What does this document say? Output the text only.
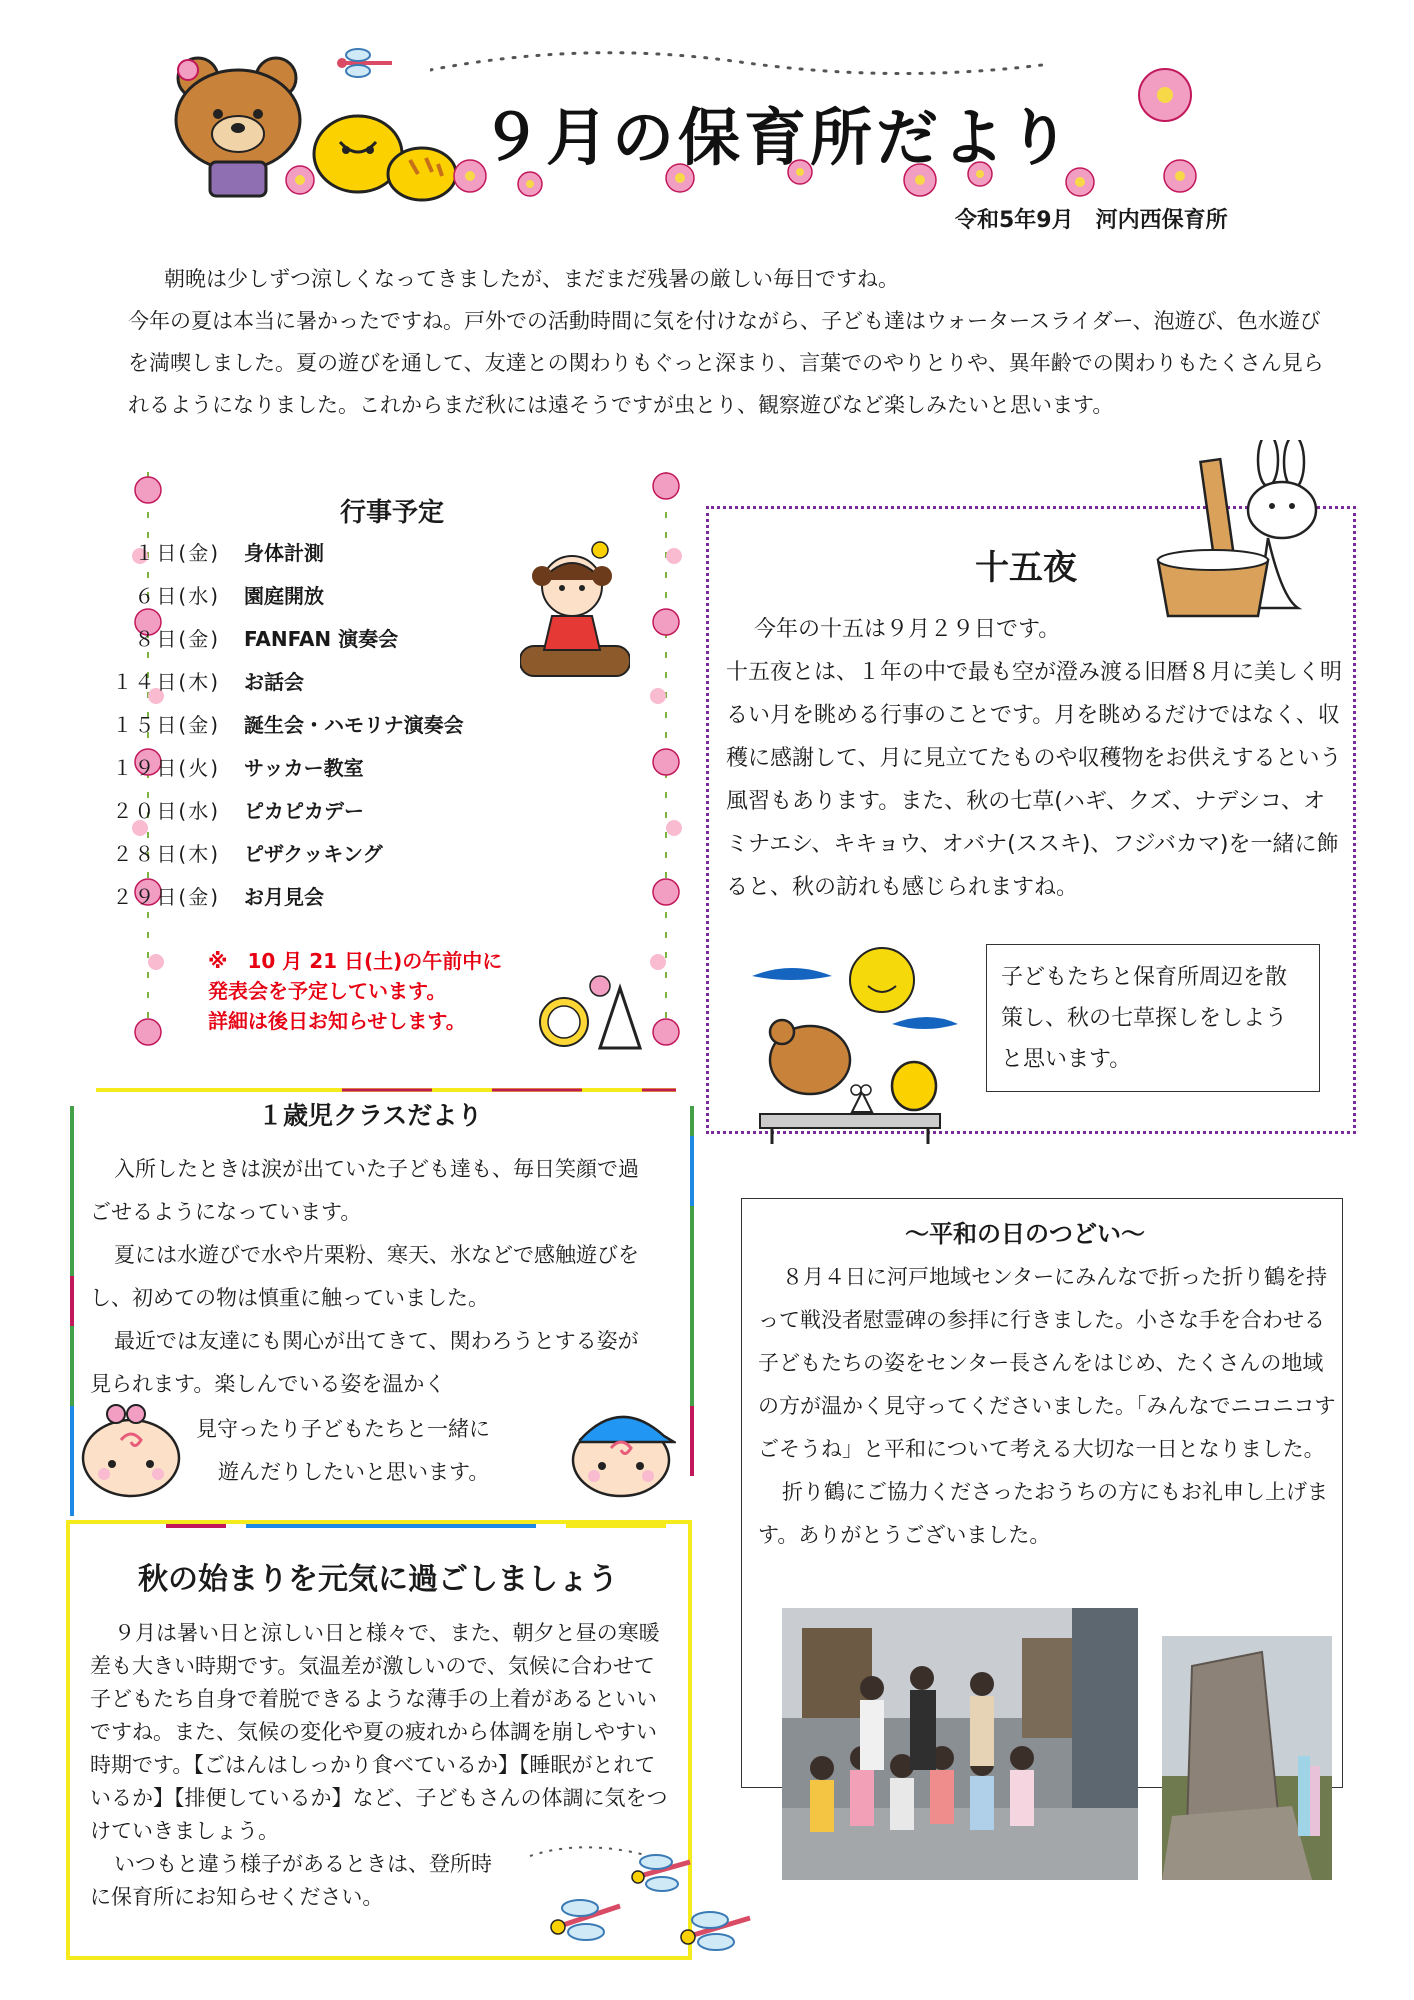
９月の保育所だより
令和5年9月　河内西保育所

朝晩は少しずつ涼しくなってきましたが、まだまだ残暑の厳しい毎日ですね。

今年の夏は本当に暑かったですね。戸外での活動時間に気を付けながら、子ども達はウォータースライダー、泡遊び、色水遊びを満喫しました。夏の遊びを通して、友達との関わりもぐっと深まり、言葉でのやりとりや、異年齢での関わりもたくさん見られるようになりました。これからまだ秋には遠そうですが虫とり、観察遊びなど楽しみたいと思います。

行事予定
１日(金) 身体計測
６日(水) 園庭開放
８日(金) FANFAN 演奏会
１４日(木) お話会
１５日(金) 誕生会・ハモリナ演奏会
１９日(火) サッカー教室
２０日(水) ピカピカデー
２８日(木) ピザクッキング
２９日(金) お月見会
※　10 月 21 日(土)の午前中に
発表会を予定しています。
詳細は後日お知らせします。
十五夜

今年の十五は９月２９日です。

十五夜とは、１年の中で最も空が澄み渡る旧暦８月に美しく明るい月を眺める行事のことです。月を眺めるだけではなく、収穫に感謝して、月に見立てたものや収穫物をお供えするという風習もあります。また、秋の七草(ハギ、クズ、ナデシコ、オミナエシ、キキョウ、オバナ(ススキ)、フジバカマ)を一緒に飾ると、秋の訪れも感じられますね。

子どもたちと保育所周辺を散策し、秋の七草探しをしようと思います。
１歳児クラスだより

入所したときは涙が出ていた子ども達も、毎日笑顔で過ごせるようになっています。

夏には水遊びで水や片栗粉、寒天、氷などで感触遊びをし、初めての物は慎重に触っていました。

最近では友達にも関心が出てきて、関わろうとする姿が見られます。楽しんでいる姿を温かく

見守ったり子どもたちと一緒に
遊んだりしたいと思います。
秋の始まりを元気に過ごしましょう

９月は暑い日と涼しい日と様々で、また、朝夕と昼の寒暖差も大きい時期です。気温差が激しいので、気候に合わせて子どもたち自身で着脱できるような薄手の上着があるといいですね。また、気候の変化や夏の疲れから体調を崩しやすい時期です。【ごはんはしっかり食べているか】【睡眠がとれているか】【排便しているか】など、子どもさんの体調に気をつけていきましょう。

いつもと違う様子があるときは、登所時に保育所にお知らせください。

～平和の日のつどい～

８月４日に河戸地域センターにみんなで折った折り鶴を持って戦没者慰霊碑の参拝に行きました。小さな手を合わせる子どもたちの姿をセンター長さんをはじめ、たくさんの地域の方が温かく見守ってくださいました。「みんなでニコニコすごそうね」と平和について考える大切な一日となりました。

折り鶴にご協力くださったおうちの方にもお礼申し上げます。ありがとうございました。
